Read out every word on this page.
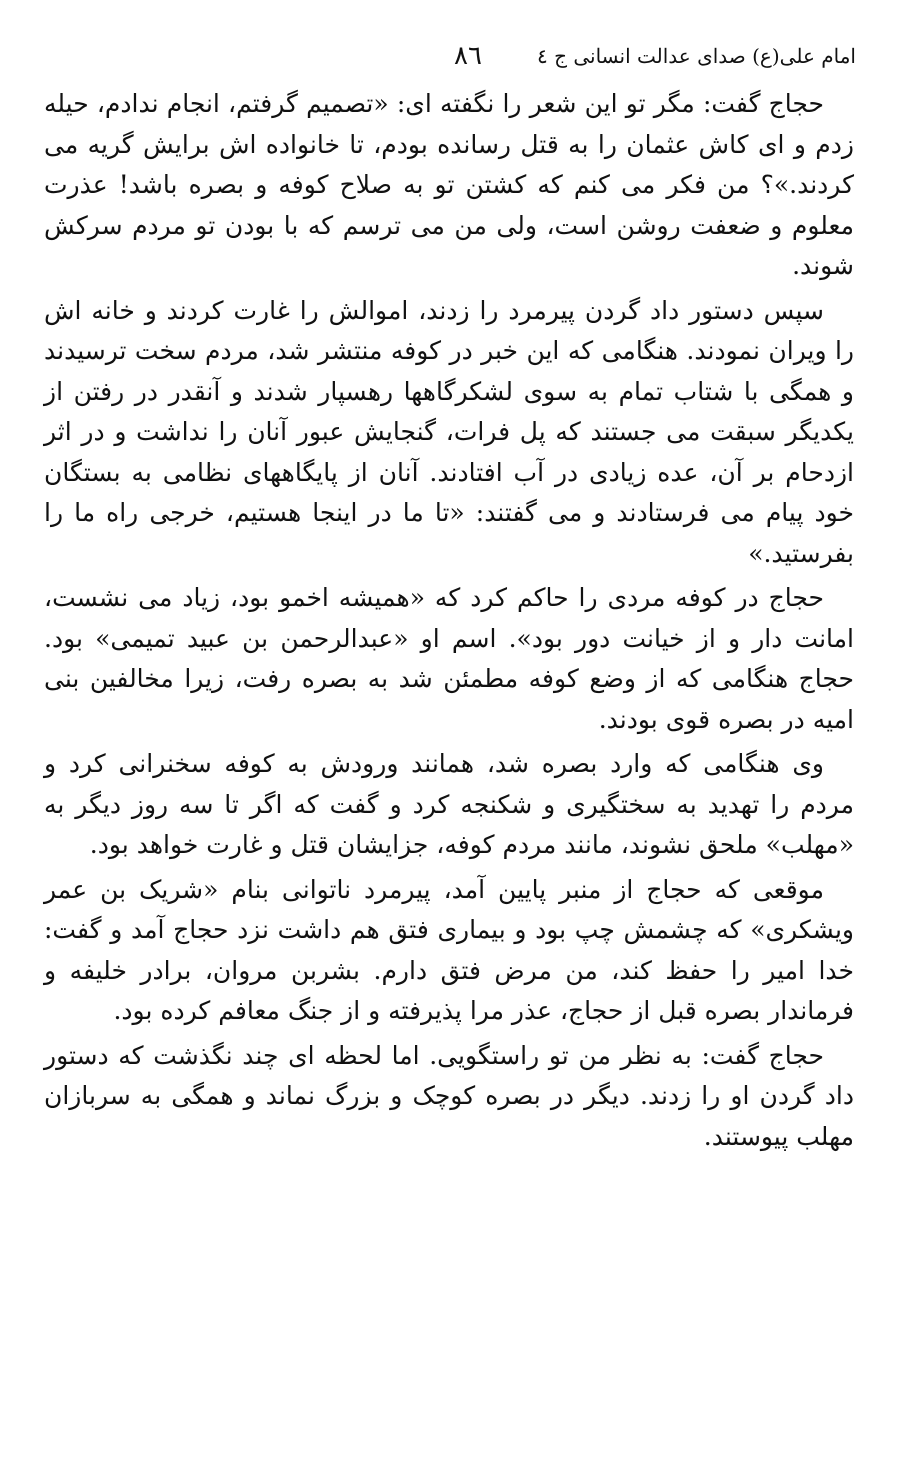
امام علی(ع) صدای عدالت انسانی ج ٤
٨٦

حجاج گفت: مگر تو این شعر را نگفته ای: «تصمیم گرفتم، انجام ندادم، حیله زدم و ای کاش عثمان را به قتل رسانده بودم، تا خانواده اش برایش گریه می کردند.»؟ من فکر می کنم که کشتن تو به صلاح کوفه و بصره باشد! عذرت معلوم و ضعفت روشن است، ولی من می ترسم که با بودن تو مردم سرکش شوند.

سپس دستور داد گردن پیرمرد را زدند، اموالش را غارت کردند و خانه اش را ویران نمودند. هنگامی که این خبر در کوفه منتشر شد، مردم سخت ترسیدند و همگی با شتاب تمام به سوی لشکرگاهها رهسپار شدند و آنقدر در رفتن از یکدیگر سبقت می جستند که پل فرات، گنجایش عبور آنان را نداشت و در اثر ازدحام بر آن، عده زیادی در آب افتادند. آنان از پایگاههای نظامی به بستگان خود پیام می فرستادند و می گفتند: «تا ما در اینجا هستیم، خرجی راه ما را بفرستید.»

حجاج در کوفه مردی را حاکم کرد که «همیشه اخمو بود، زیاد می نشست، امانت دار و از خیانت دور بود». اسم او «عبدالرحمن بن عبید تمیمی» بود. حجاج هنگامی که از وضع کوفه مطمئن شد به بصره رفت، زیرا مخالفین بنی امیه در بصره قوی بودند.

وی هنگامی که وارد بصره شد، همانند ورودش به کوفه سخنرانی کرد و مردم را تهدید به سختگیری و شکنجه کرد و گفت که اگر تا سه روز دیگر به «مهلب» ملحق نشوند، مانند مردم کوفه، جزایشان قتل و غارت خواهد بود.

موقعی که حجاج از منبر پایین آمد، پیرمرد ناتوانی بنام «شریک بن عمر ویشکری» که چشمش چپ بود و بیماری فتق هم داشت نزد حجاج آمد و گفت: خدا امیر را حفظ کند، من مرض فتق دارم. بشربن مروان، برادر خلیفه و فرماندار بصره قبل از حجاج، عذر مرا پذیرفته و از جنگ معافم کرده بود.

حجاج گفت: به نظر من تو راستگویی. اما لحظه ای چند نگذشت که دستور داد گردن او را زدند. دیگر در بصره کوچک و بزرگ نماند و همگی به سربازان مهلب پیوستند.
